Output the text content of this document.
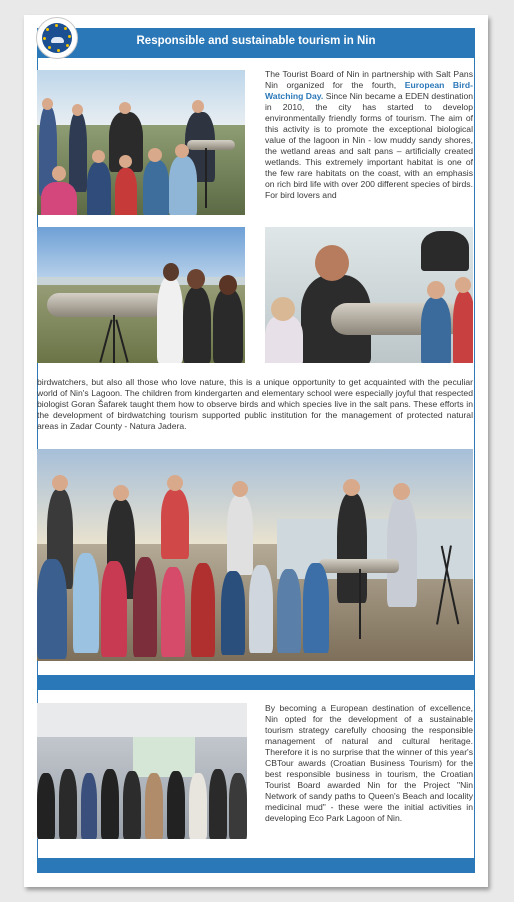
Responsible and sustainable tourism in Nin
The Tourist Board of Nin in partnership with Salt Pans Nin organized for the fourth, European Bird-Watching Day. Since Nin became a EDEN destination in 2010, the city has started to develop environmentally friendly forms of tourism. The aim of this activity is to promote the exceptional biological value of the lagoon in Nin - low muddy sandy shores, the wetland areas and salt pans – artificially created wetlands. This extremely important habitat is one of the few rare habitats on the coast, with an emphasis on rich bird life with over 200 different species of birds. For bird lovers and

birdwatchers, but also all those who love nature, this is a unique opportunity to get acquainted with the peculiar world of Nin's Lagoon. The children from kindergarten and elementary school were especially joyful that respected biologist Goran Šafarek taught them how to observe birds and which species live in the salt pans. These efforts in the development of birdwatching tourism supported public institution for the management of protected natural areas in Zadar County - Natura Jadera.

By becoming a European destination of excellence, Nin opted for the development of a sustainable tourism strategy carefully choosing the responsible management of natural and cultural heritage. Therefore it is no surprise that the winner of this year's CBTour awards (Croatian Business Tourism) for the best responsible business in tourism, the Croatian Tourist Board awarded Nin for the Project "Nin Network of sandy paths to Queen's Beach and locality medicinal mud" - these were the initial activities in developing Eco Park Lagoon of Nin.
